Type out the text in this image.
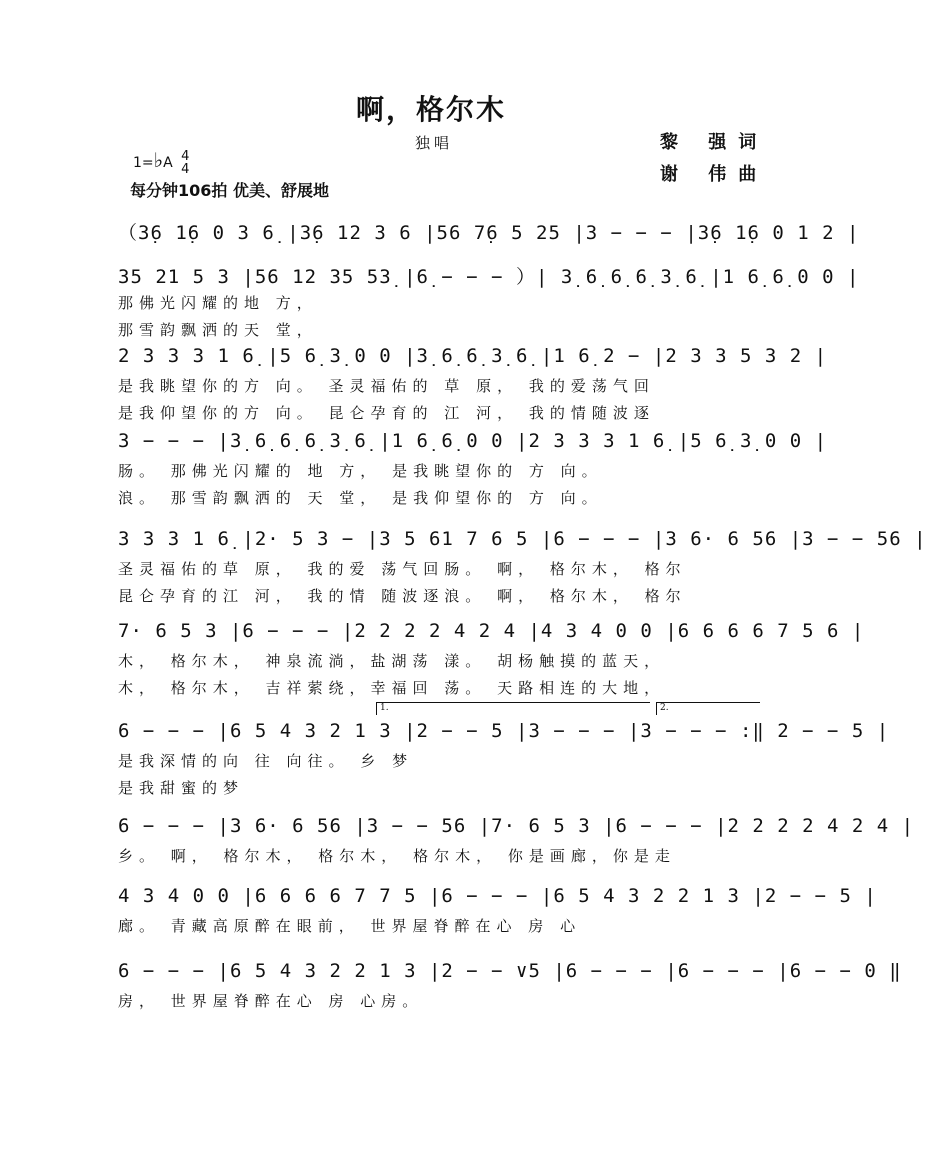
啊，格尔木
独唱	黎 强词
谢 伟曲
1=♭A 4
4
每分钟106拍 优美、舒展地
（3̣6 1̣6 0 3 6̣ |3̣6 12 3 6 |56 7̣6 5 25 |3 − − − |3̣6 1̣6 0 1 2 |
35 21 5 3 |56 12 35 53̣ |6̣ − − − ）| 3̣ 6̣ 6̣ 6̣ 3̣ 6̣ |1 6̣ 6̣ 0 0 |
那佛光闪耀的地 方，
那雪韵飘洒的天 堂，
2 3 3 3 1 6̣ |5 6̣ 3̣ 0 0 |3̣ 6̣ 6̣ 3̣ 6̣ |1 6̣ 2 − |2 3 3 5 3 2 |
是我眺望你的方 向。 圣灵福佑的 草 原， 我的爱荡气回
是我仰望你的方 向。 昆仑孕育的 江 河， 我的情随波逐
3 − − − |3̣ 6̣ 6̣ 6̣ 3̣ 6̣ |1 6̣ 6̣ 0 0 |2 3 3 3 1 6̣ |5 6̣ 3̣ 0 0 |
肠。 那佛光闪耀的 地 方， 是我眺望你的 方 向。
浪。 那雪韵飘洒的 天 堂， 是我仰望你的 方 向。
3 3 3 1 6̣ |2· 5 3 − |3 5 61 7 6 5 |6 − − − |3 6· 6 56 |3 − − 56 |
圣灵福佑的草 原， 我的爱 荡气回肠。 啊， 格尔木， 格尔
昆仑孕育的江 河， 我的情 随波逐浪。 啊， 格尔木， 格尔
7· 6 5 3 |6 − − − |2 2 2 2 4 2 4 |4 3 4 0 0 |6 6 6 6 7 5 6 |
木， 格尔木， 神泉流淌，盐湖荡 漾。 胡杨触摸的蓝天，
木， 格尔木， 吉祥萦绕，幸福回 荡。 天路相连的大地，
6 − − − |6 5 4 3 2 1 3 |2 − − 5 |3 − − − |3 − − − :‖ 2 − − 5 |
是我深情的向 往 向往。 乡 梦
是我甜蜜的梦
6 − − − |3 6· 6 56 |3 − − 56 |7· 6 5 3 |6 − − − |2 2 2 2 4 2 4 |
乡。 啊， 格尔木， 格尔木， 格尔木， 你是画廊，你是走
4 3 4 0 0 |6 6 6 6 7 7 5 |6 − − − |6 5 4 3 2 2 1 3 |2 − − 5 |
廊。 青藏高原醉在眼前， 世界屋脊醉在心 房 心
6 − − − |6 5 4 3 2 2 1 3 |2 − − ∨5 |6 − − − |6 − − − |6 − − 0 ‖
房， 世界屋脊醉在心 房 心房。
1.	2.
